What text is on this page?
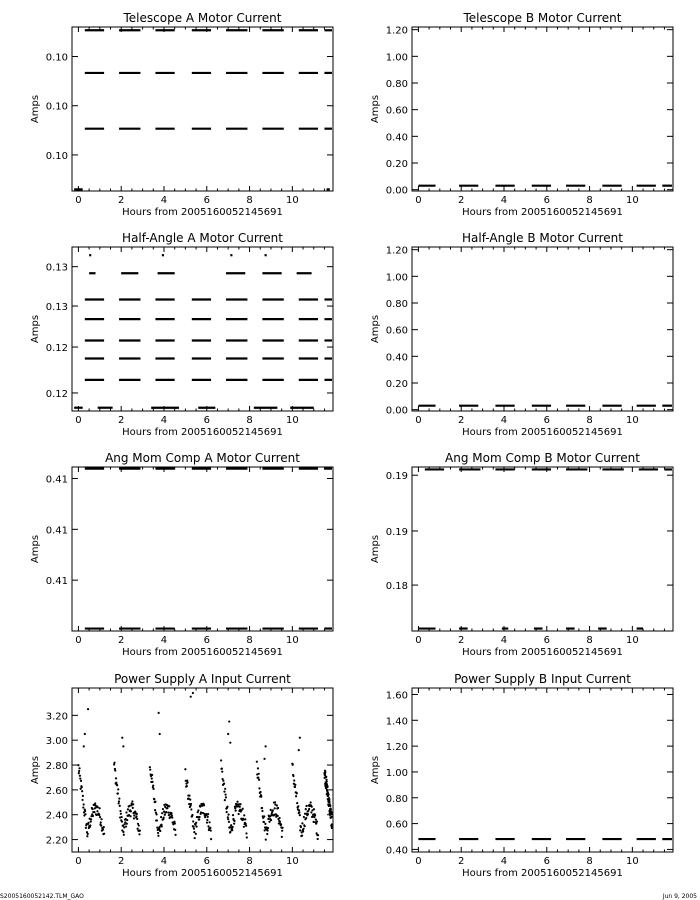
Telescope A Motor Current
0	2	4	6	8	10
0.10
0.10
0.10
Hours from 2005160052145691
Amps
Telescope B Motor Current
0	2	4	6	8	10
0.00
0.20
0.40
0.60
0.80
1.00
1.20
Hours from 2005160052145691
Amps
Half-Angle A Motor Current
0	2	4	6	8	10
0.12
0.12
0.13
0.13
Hours from 2005160052145691
Amps
Half-Angle B Motor Current
0	2	4	6	8	10
0.00
0.20
0.40
0.60
0.80
1.00
1.20
Hours from 2005160052145691
Amps
Ang Mom Comp A Motor Current
0	2	4	6	8	10
0.41
0.41
0.41
Hours from 2005160052145691
Amps
Ang Mom Comp B Motor Current
0	2	4	6	8	10
0.18
0.19
0.19
Hours from 2005160052145691
Amps
Power Supply A Input Current
0	2	4	6	8	10
2.20
2.40
2.60
2.80
3.00
3.20
Hours from 2005160052145691
Amps
Power Supply B Input Current
0	2	4	6	8	10
0.40
0.60
0.80
1.00
1.20
1.40
1.60
Hours from 2005160052145691
Amps
S2005160052142.TLM_GAO	Jun 9, 2005
